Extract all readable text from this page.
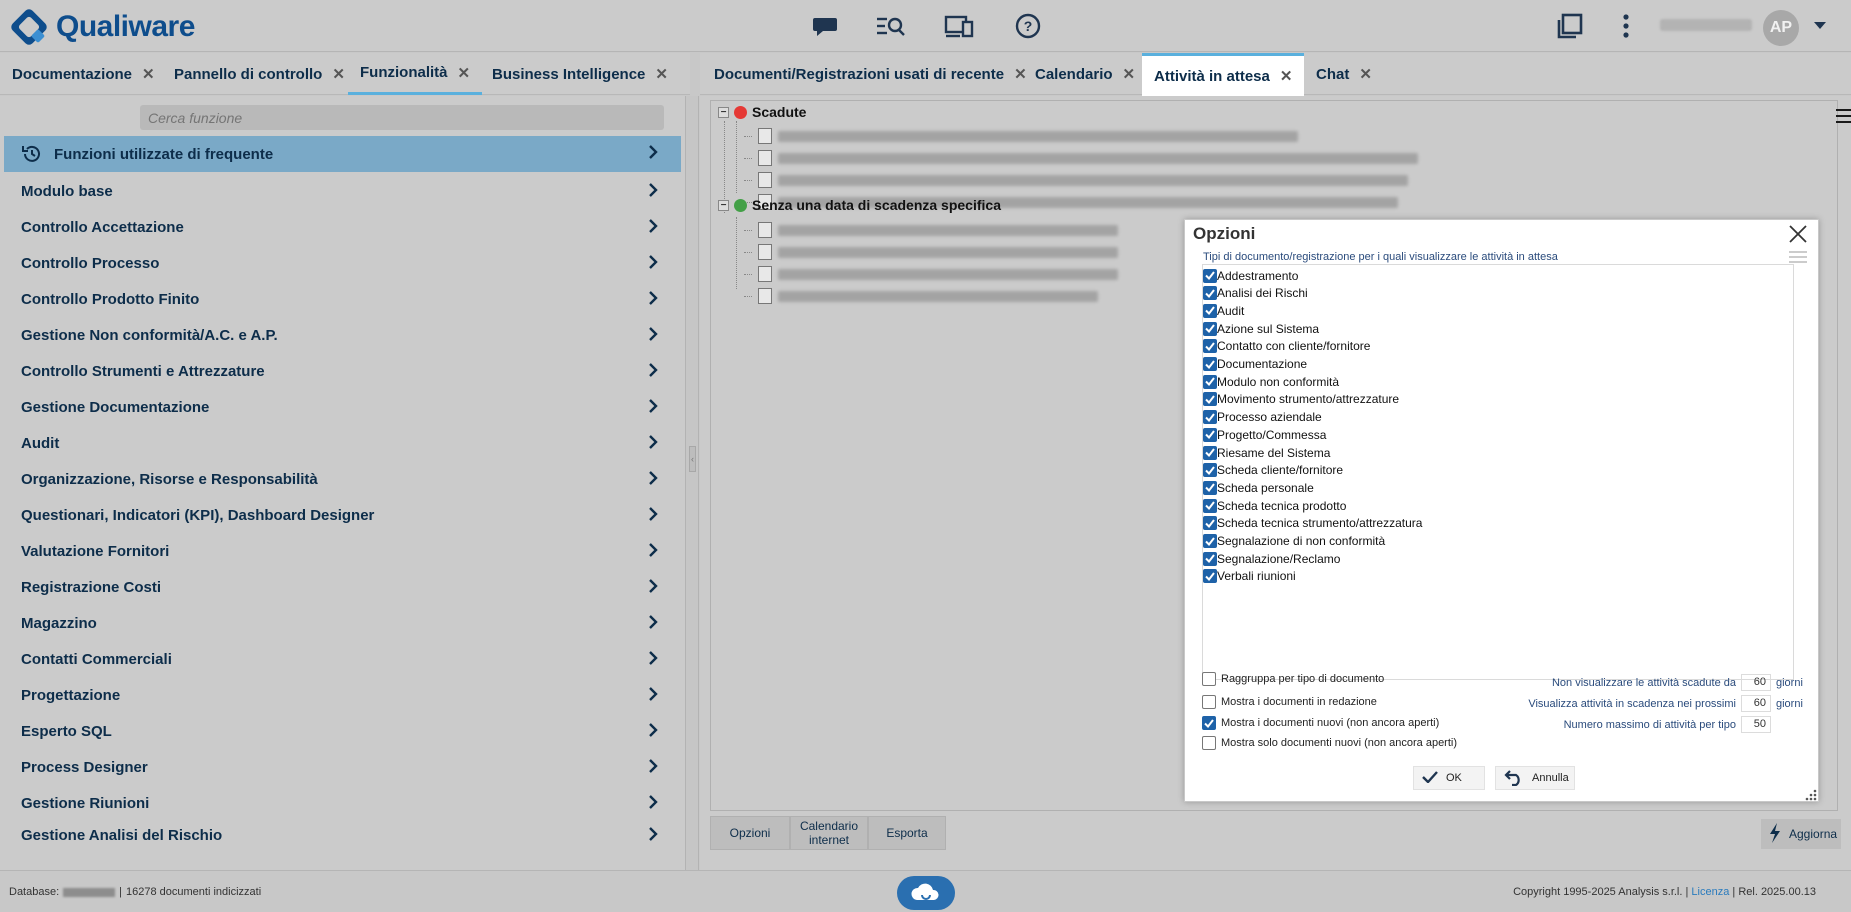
Qualiware	?	AP
Documentazione ✕ Pannello di controllo ✕ Funzionalità ✕ Business Intelligence ✕	Documenti/Registrazioni usati di recente ✕ Calendario ✕ Attività in attesa ✕ Chat ✕
Cerca funzione
Funzioni utilizzate di frequente
Modulo base
Controllo Accettazione
Controllo Processo
Controllo Prodotto Finito
Gestione Non conformità/A.C. e A.P.
Controllo Strumenti e Attrezzature
Gestione Documentazione
Audit
Organizzazione, Risorse e Responsabilità
Questionari, Indicatori (KPI), Dashboard Designer
Valutazione Fornitori
Registrazione Costi
Magazzino
Contatti Commerciali
Progettazione
Esperto SQL
Process Designer
Gestione Riunioni
Gestione Analisi del Rischio
‹
− Scadute
− Senza una data di scadenza specifica
Opzioni	Calendario internet	Esporta	Aggiorna
Opzioni
Tipi di documento/registrazione per i quali visualizzare le attività in attesa
Addestramento
Analisi dei Rischi
Audit
Azione sul Sistema
Contatto con cliente/fornitore
Documentazione
Modulo non conformità
Movimento strumento/attrezzature
Processo aziendale
Progetto/Commessa
Riesame del Sistema
Scheda cliente/fornitore
Scheda personale
Scheda tecnica prodotto
Scheda tecnica strumento/attrezzatura
Segnalazione di non conformità
Segnalazione/Reclamo
Verbali riunioni
Raggruppa per tipo di documento
Mostra i documenti in redazione
Mostra i documenti nuovi (non ancora aperti)
Mostra solo documenti nuovi (non ancora aperti)
Non visualizzare le attività scadute da	60 giorni
Visualizza attività in scadenza nei prossimi	60 giorni
Numero massimo di attività per tipo	50
OK	Annulla
Database:	| 16278 documenti indicizzati	Copyright 1995-2025 Analysis s.r.l. | Licenza | Rel. 2025.00.13
